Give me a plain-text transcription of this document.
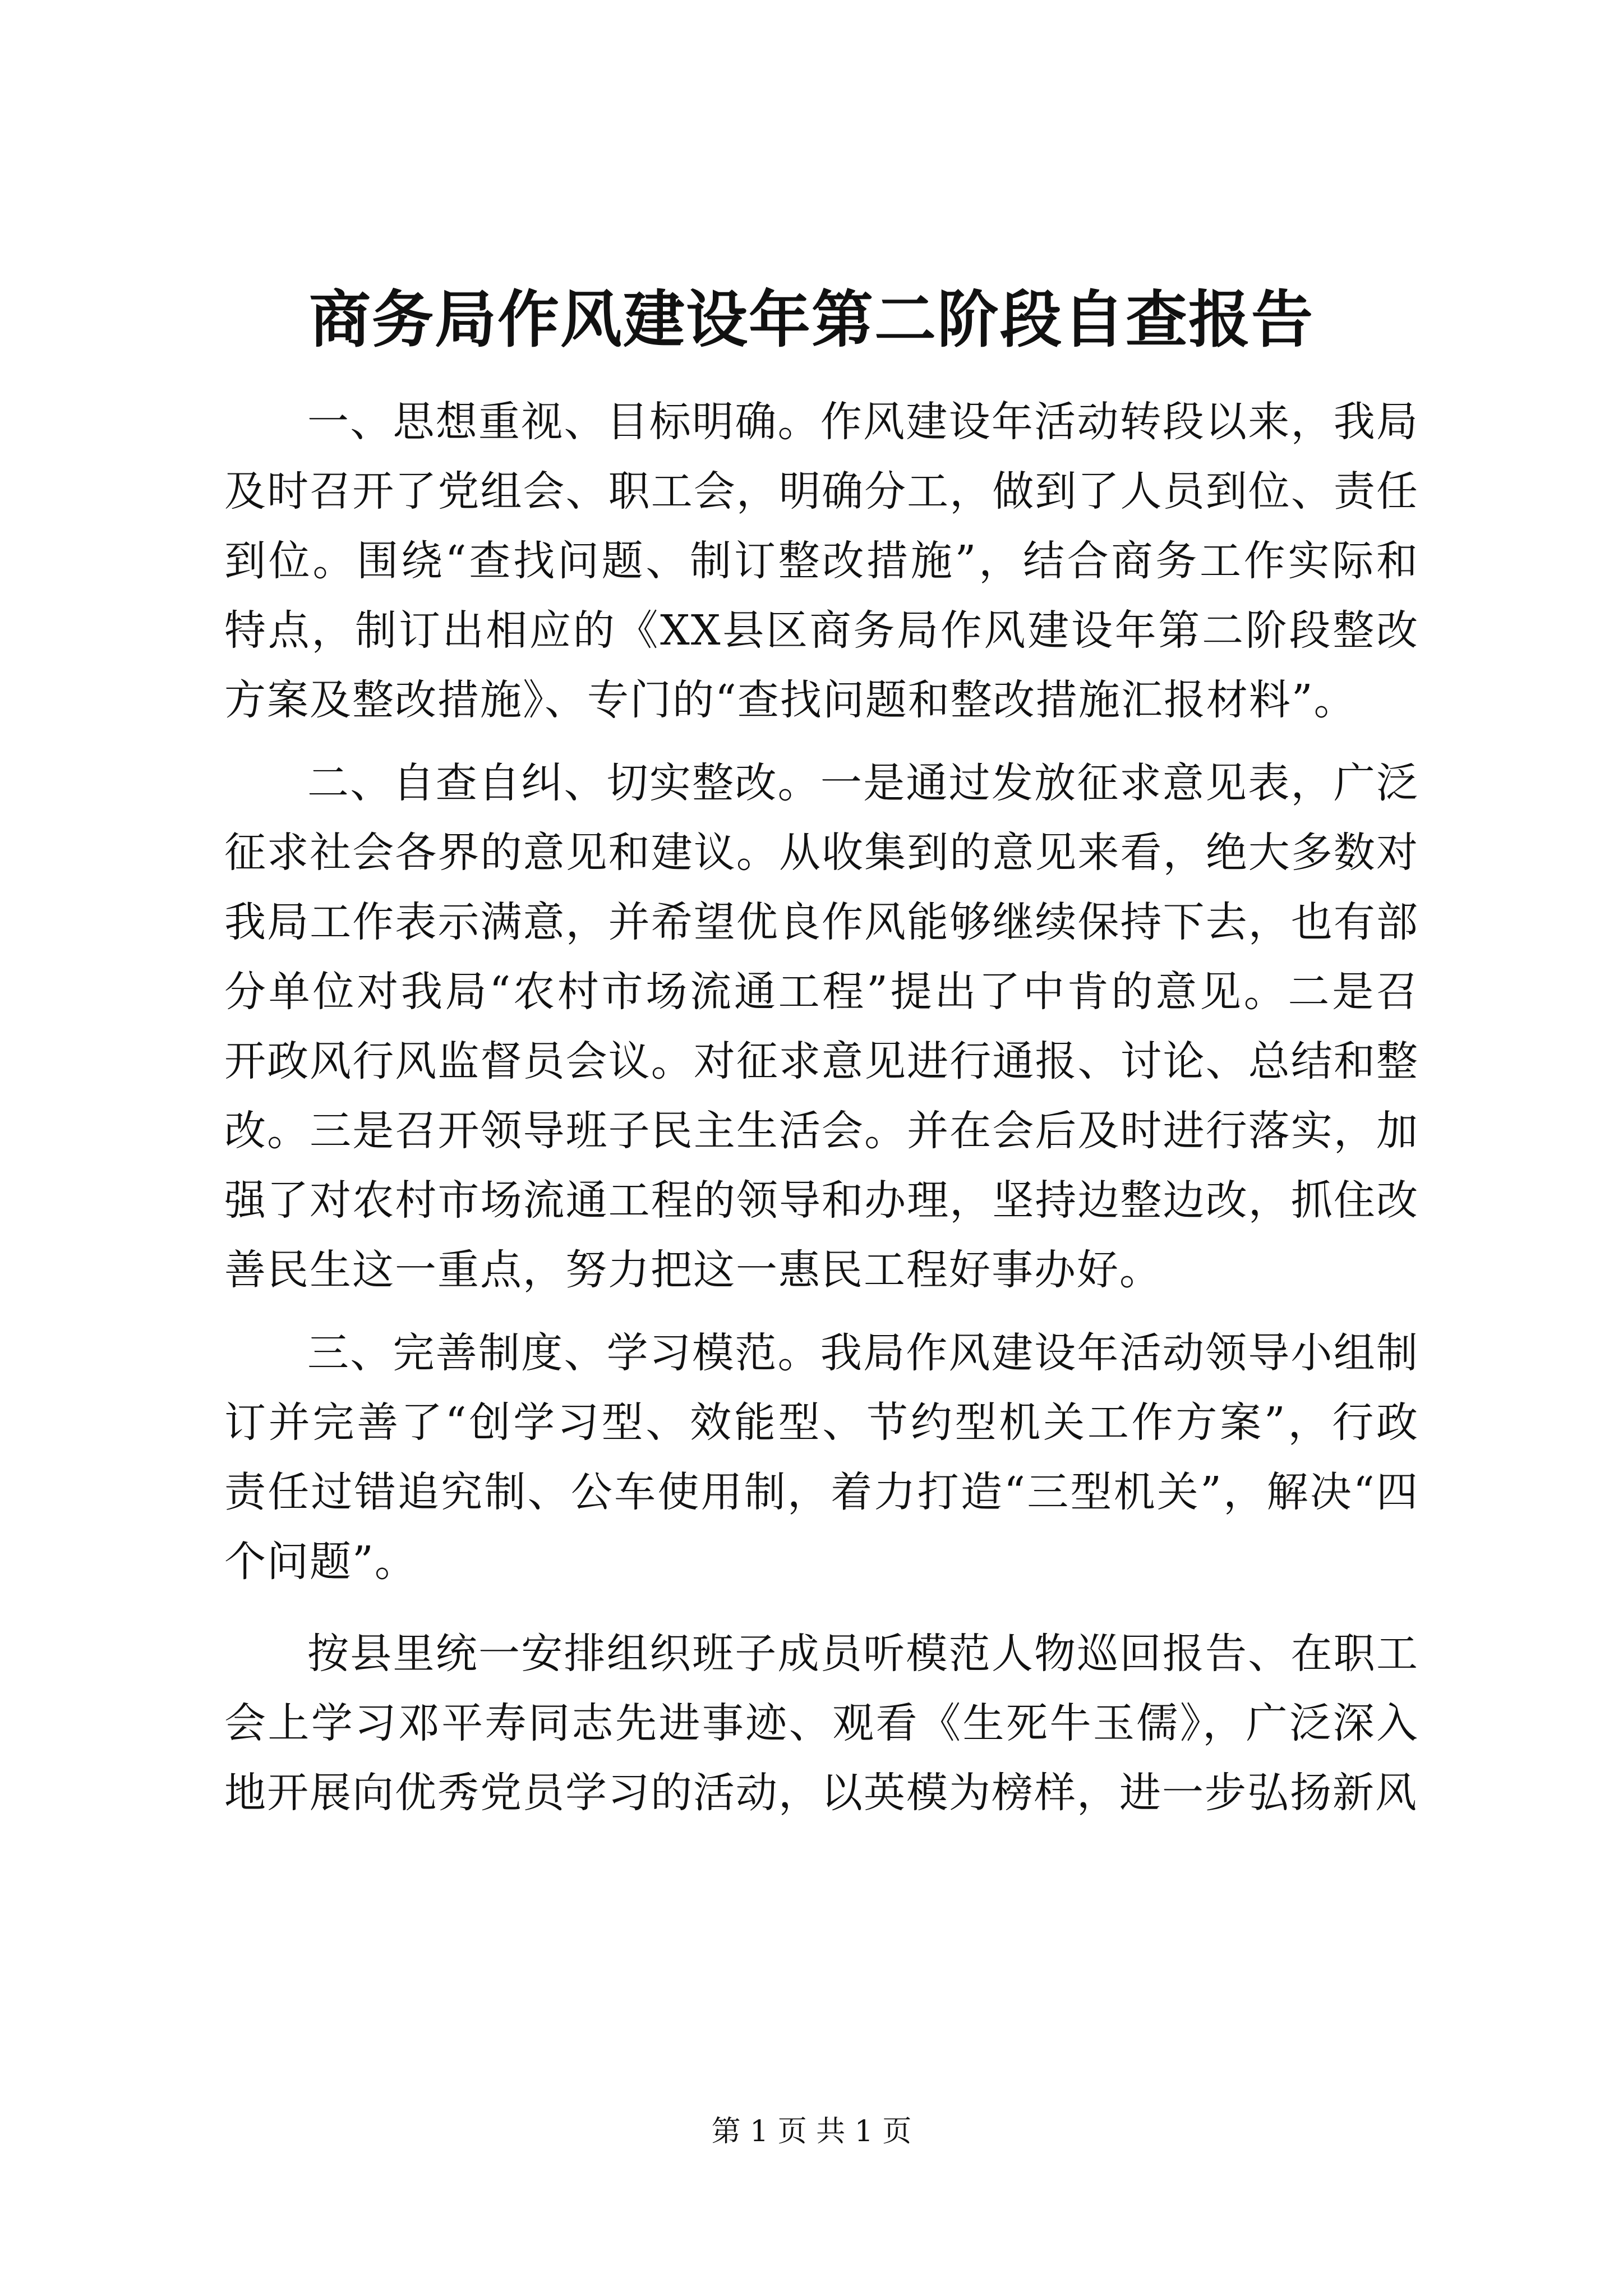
商务局作风建设年第二阶段自查报告

一、思想重视、目标明确。作风建设年活动转段以来，我局及时召开了党组会、职工会，明确分工，做到了人员到位、责任到位。围绕“查找问题、制订整改措施”，结合商务工作实际和特点，制订出相应的《XX县区商务局作风建设年第二阶段整改方案及整改措施》、专门的“查找问题和整改措施汇报材料”。

二、自查自纠、切实整改。一是通过发放征求意见表，广泛征求社会各界的意见和建议。从收集到的意见来看，绝大多数对我局工作表示满意，并希望优良作风能够继续保持下去，也有部分单位对我局“农村市场流通工程”提出了中肯的意见。二是召开政风行风监督员会议。对征求意见进行通报、讨论、总结和整改。三是召开领导班子民主生活会。并在会后及时进行落实，加强了对农村市场流通工程的领导和办理，坚持边整边改，抓住改善民生这一重点，努力把这一惠民工程好事办好。

三、完善制度、学习模范。我局作风建设年活动领导小组制订并完善了“创学习型、效能型、节约型机关工作方案”，行政责任过错追究制、公车使用制，着力打造“三型机关”，解决“四个问题”。

按县里统一安排组织班子成员听模范人物巡回报告、在职工会上学习邓平寿同志先进事迹、观看《生死牛玉儒》，广泛深入地开展向优秀党员学习的活动，以英模为榜样，进一步弘扬新风

第 1 页 共 1 页
